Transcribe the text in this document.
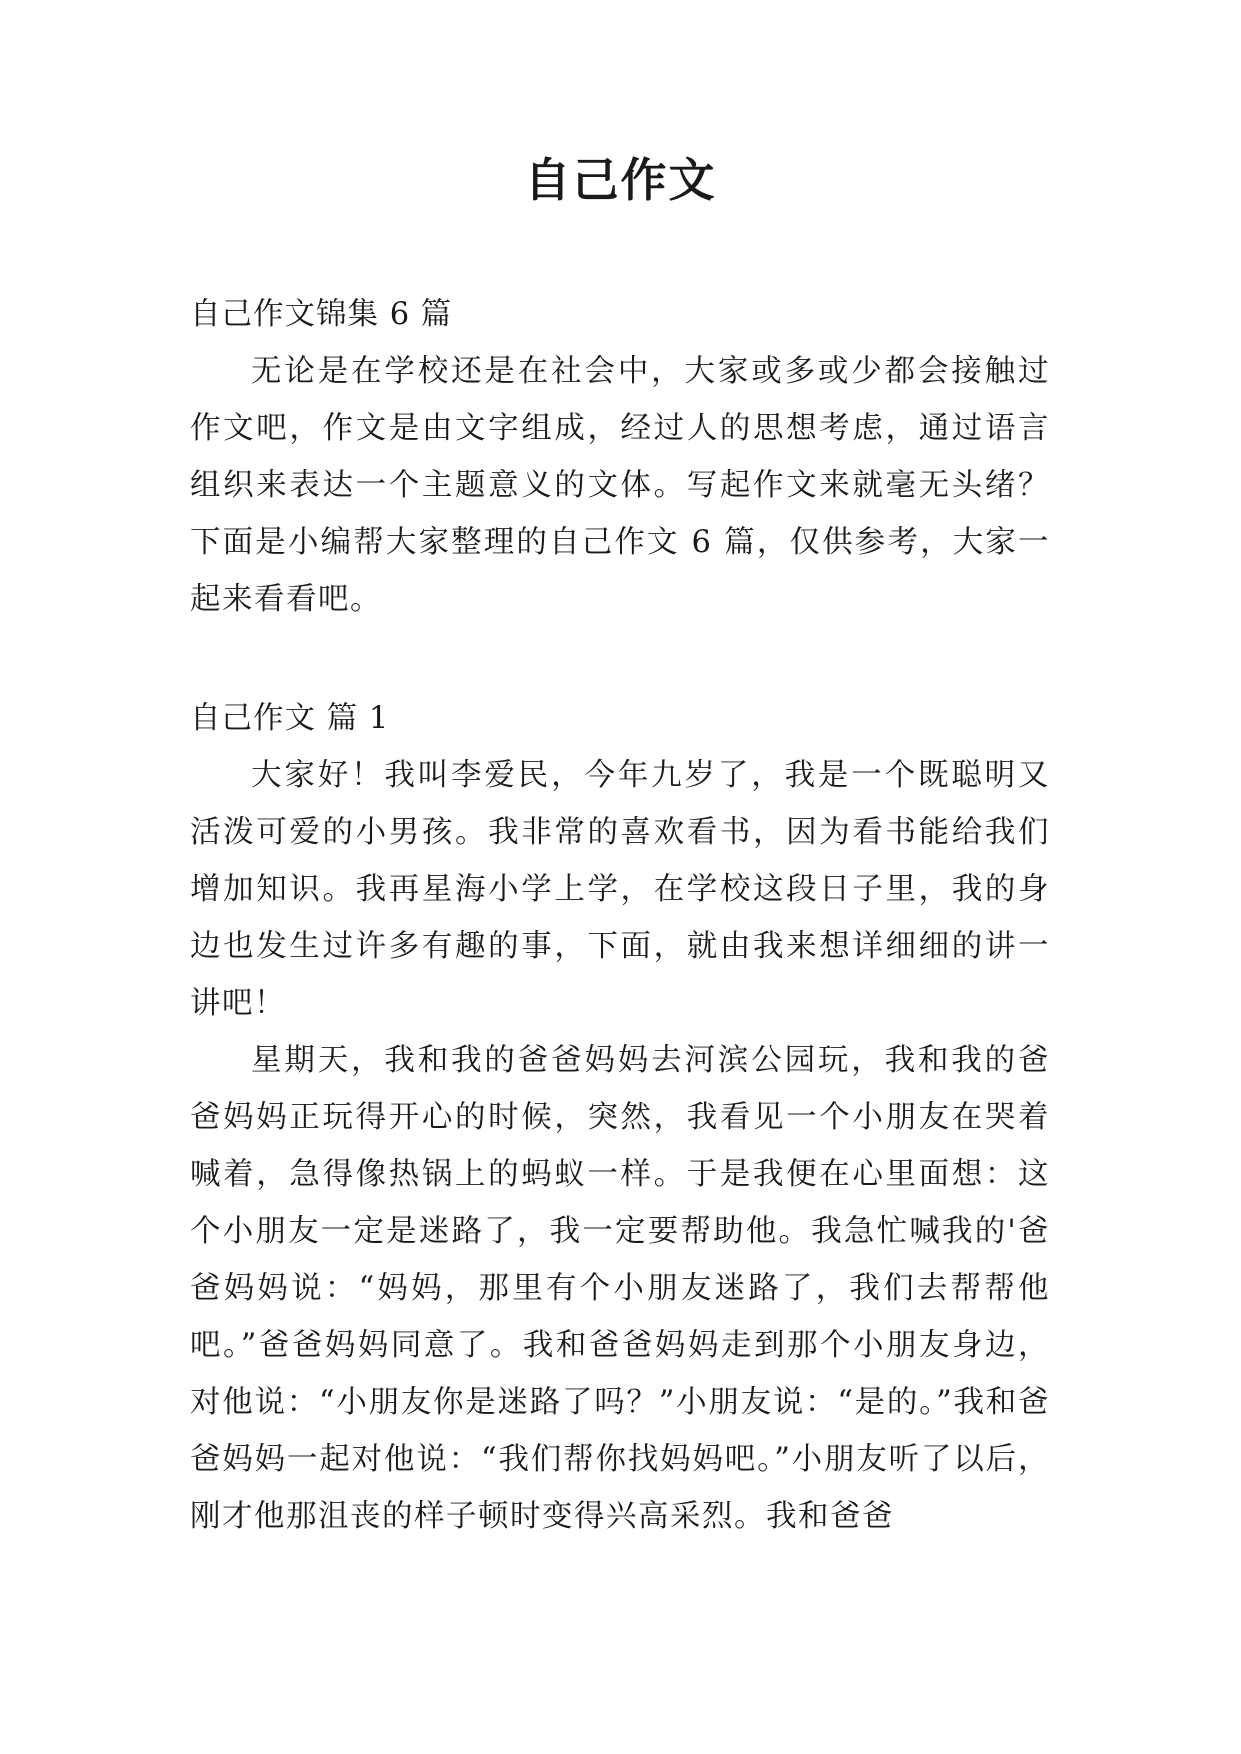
自己作文

自己作文锦集 6 篇

无论是在学校还是在社会中，大家或多或少都会接触过作文吧，作文是由文字组成，经过人的思想考虑，通过语言组织来表达一个主题意义的文体。写起作文来就毫无头绪？下面是小编帮大家整理的自己作文 6 篇，仅供参考，大家一起来看看吧。

自己作文 篇 1

大家好！我叫李爱民，今年九岁了，我是一个既聪明又活泼可爱的小男孩。我非常的喜欢看书，因为看书能给我们增加知识。我再星海小学上学，在学校这段日子里，我的身边也发生过许多有趣的事，下面，就由我来想详细细的讲一讲吧！

星期天，我和我的爸爸妈妈去河滨公园玩，我和我的爸爸妈妈正玩得开心的时候，突然，我看见一个小朋友在哭着喊着，急得像热锅上的蚂蚁一样。于是我便在心里面想：这个小朋友一定是迷路了，我一定要帮助他。我急忙喊我的'爸爸妈妈说：“妈妈，那里有个小朋友迷路了，我们去帮帮他吧。”爸爸妈妈同意了。我和爸爸妈妈走到那个小朋友身边，对他说：“小朋友你是迷路了吗？”小朋友说：“是的。”我和爸爸妈妈一起对他说：“我们帮你找妈妈吧。”小朋友听了以后，刚才他那沮丧的样子顿时变得兴高采烈。我和爸爸
